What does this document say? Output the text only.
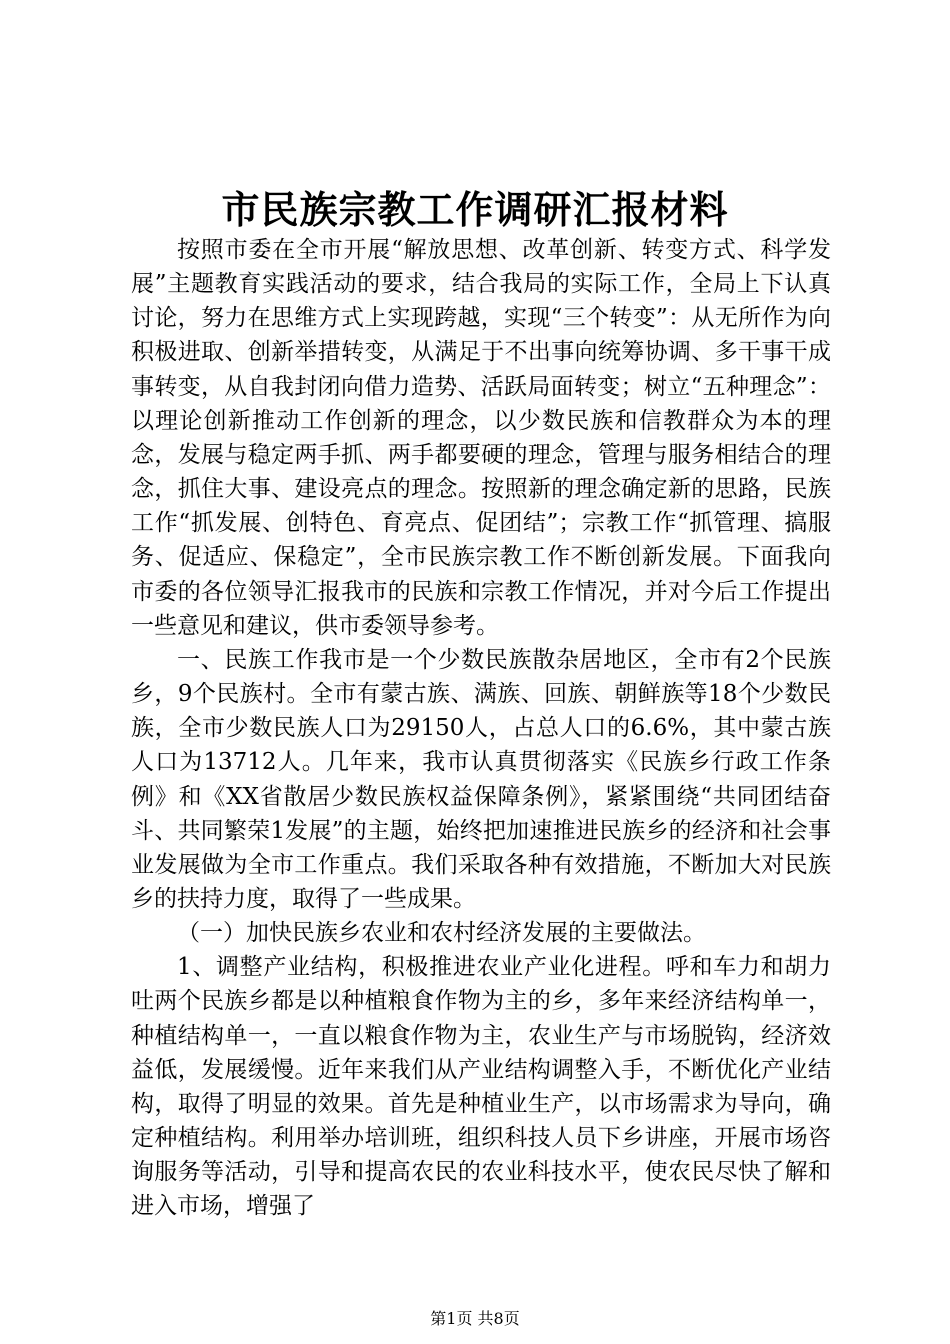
市民族宗教工作调研汇报材料

按照市委在全市开展“解放思想、改革创新、转变方式、科学发展”主题教育实践活动的要求，结合我局的实际工作，全局上下认真讨论，努力在思维方式上实现跨越，实现“三个转变”：从无所作为向积极进取、创新举措转变，从满足于不出事向统筹协调、多干事干成事转变，从自我封闭向借力造势、活跃局面转变；树立“五种理念”：以理论创新推动工作创新的理念，以少数民族和信教群众为本的理念，发展与稳定两手抓、两手都要硬的理念，管理与服务相结合的理念，抓住大事、建设亮点的理念。按照新的理念确定新的思路，民族工作“抓发展、创特色、育亮点、促团结”；宗教工作“抓管理、搞服务、促适应、保稳定”，全市民族宗教工作不断创新发展。下面我向市委的各位领导汇报我市的民族和宗教工作情况，并对今后工作提出一些意见和建议，供市委领导参考。

一、民族工作我市是一个少数民族散杂居地区，全市有2个民族乡，9个民族村。全市有蒙古族、满族、回族、朝鲜族等18个少数民族，全市少数民族人口为29150人，占总人口的6.6%，其中蒙古族人口为13712人。几年来，我市认真贯彻落实《民族乡行政工作条例》和《XX省散居少数民族权益保障条例》，紧紧围绕“共同团结奋斗、共同繁荣1发展”的主题，始终把加速推进民族乡的经济和社会事业发展做为全市工作重点。我们采取各种有效措施，不断加大对民族乡的扶持力度，取得了一些成果。

（一）加快民族乡农业和农村经济发展的主要做法。

1、调整产业结构，积极推进农业产业化进程。呼和车力和胡力吐两个民族乡都是以种植粮食作物为主的乡，多年来经济结构单一，种植结构单一，一直以粮食作物为主，农业生产与市场脱钩，经济效益低，发展缓慢。近年来我们从产业结构调整入手，不断优化产业结构，取得了明显的效果。首先是种植业生产，以市场需求为导向，确定种植结构。利用举办培训班，组织科技人员下乡讲座，开展市场咨询服务等活动，引导和提高农民的农业科技水平，使农民尽快了解和进入市场，增强了

第1页 共8页
